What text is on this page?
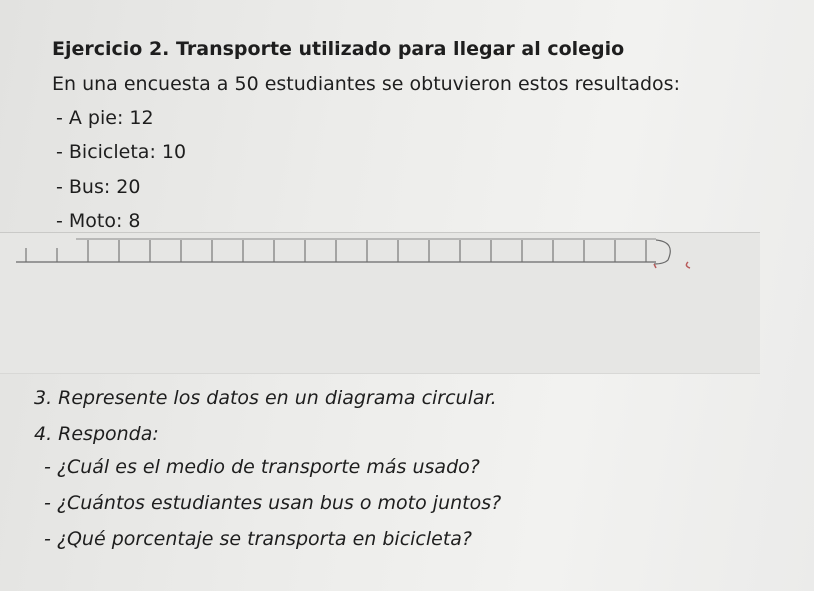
Ejercicio 2. Transporte utilizado para llegar al colegio
En una encuesta a 50 estudiantes se obtuvieron estos resultados:
- A pie: 12
- Bicicleta: 10
- Bus: 20
- Moto: 8
3. Represente los datos en un diagrama circular.
4. Responda:
- ¿Cuál es el medio de transporte más usado?
- ¿Cuántos estudiantes usan bus o moto juntos?
- ¿Qué porcentaje se transporta en bicicleta?
